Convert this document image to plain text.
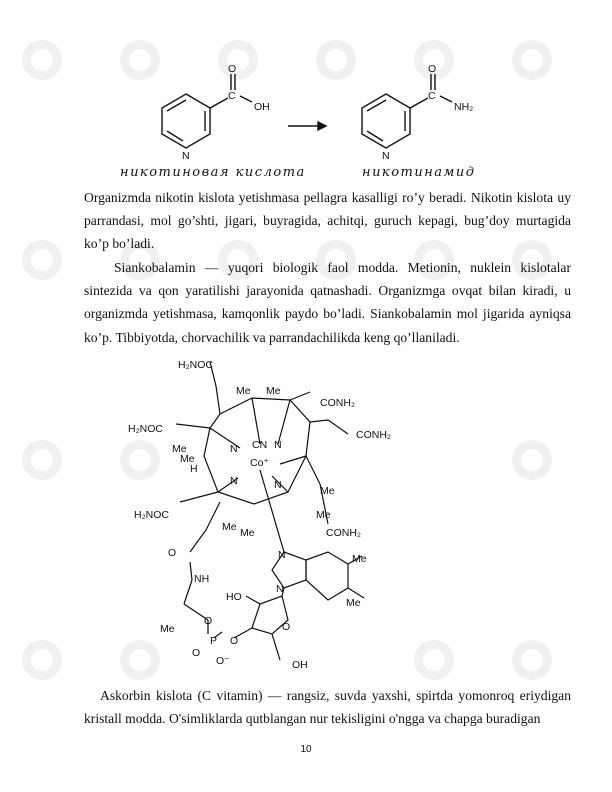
O
C
OH
N
O
C
NH₂
N
никотиновая кислота	никотинамид

Organizmda nikotin kislota yetishmasa pellagra kasalligi ro’y beradi. Nikotin kislota uy parrandasi, mol go’shti, jigari, buyragida, achitqi, guruch kepagi, bug’doy murtagida ko’p bo’ladi.

Siankobalamin — yuqori biologik faol modda. Metionin, nuklein kislotalar sintezida va qon yaratilishi jarayonida qatnashadi. Organizmga ovqat bilan kiradi, u organizmda yetishmasa, kamqonlik paydo bo’ladi. Siankobalamin mol jigarida ayniqsa ko’p. Tibbiyotda, chorvachilik va parrandachilikda keng qo’llaniladi.

H₂NOC
H₂NOC
H₂NOC
CONH₂
CONH₂
CONH₂
Me Me
Me
Me
Me
Me
Me Me
Me
Me
Me
CN
Co⁺
N	N
N	N
N
N
H
O
NH
HO
O
O
P O
O
O⁻	OH

Askorbin kislota (C vitamin) — rangsiz, suvda yaxshi, spirtda yomonroq eriydigan kristall modda. O'simliklarda qutblangan nur tekisligini o'ngga va chapga buradigan

10
